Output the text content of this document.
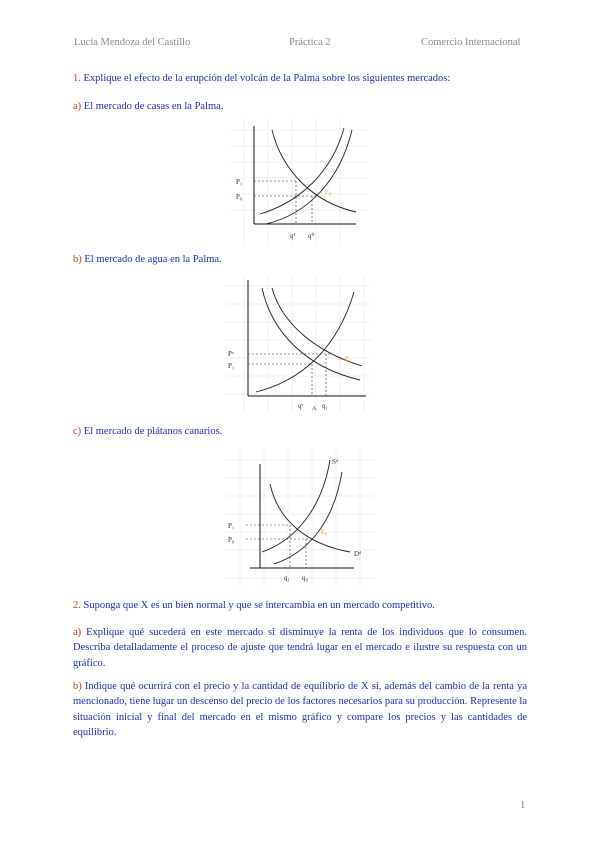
Lucía Mendoza del Castillo	Práctica 2	Comercio Internacional
1. Explique el efecto de la erupción del volcán de la Palma sobre los siguientes mercados:
a) El mercado de casas en la Palma.
P₁
P₀
q¹ q⁰
→ E₀
b) El mercado de agua en la Palma.
Pᵒ
P₁
qᵉ A q₁
→ E₀
c) El mercado de plátanos canarios.
P₁
P₀
Sᵈ
Dᵈ
q₁ q₀
→ E₀
2. Suponga que X es un bien normal y que se intercambia en un mercado competitivo.
a) Explique qué sucederá en este mercado si disminuye la renta de los individuos que lo consumen. Describa detalladamente el proceso de ajuste que tendrá lugar en el mercado e ilustre su respuesta con un gráfico.
b) Indique qué ocurrirá con el precio y la cantidad de equilibrio de X si, además del cambio de la renta ya mencionado, tiene lugar un descenso del precio de los factores necesarios para su producción. Represente la situación inicial y final del mercado en el mismo gráfico y compare los precios y las cantidades de equilibrio.
1
